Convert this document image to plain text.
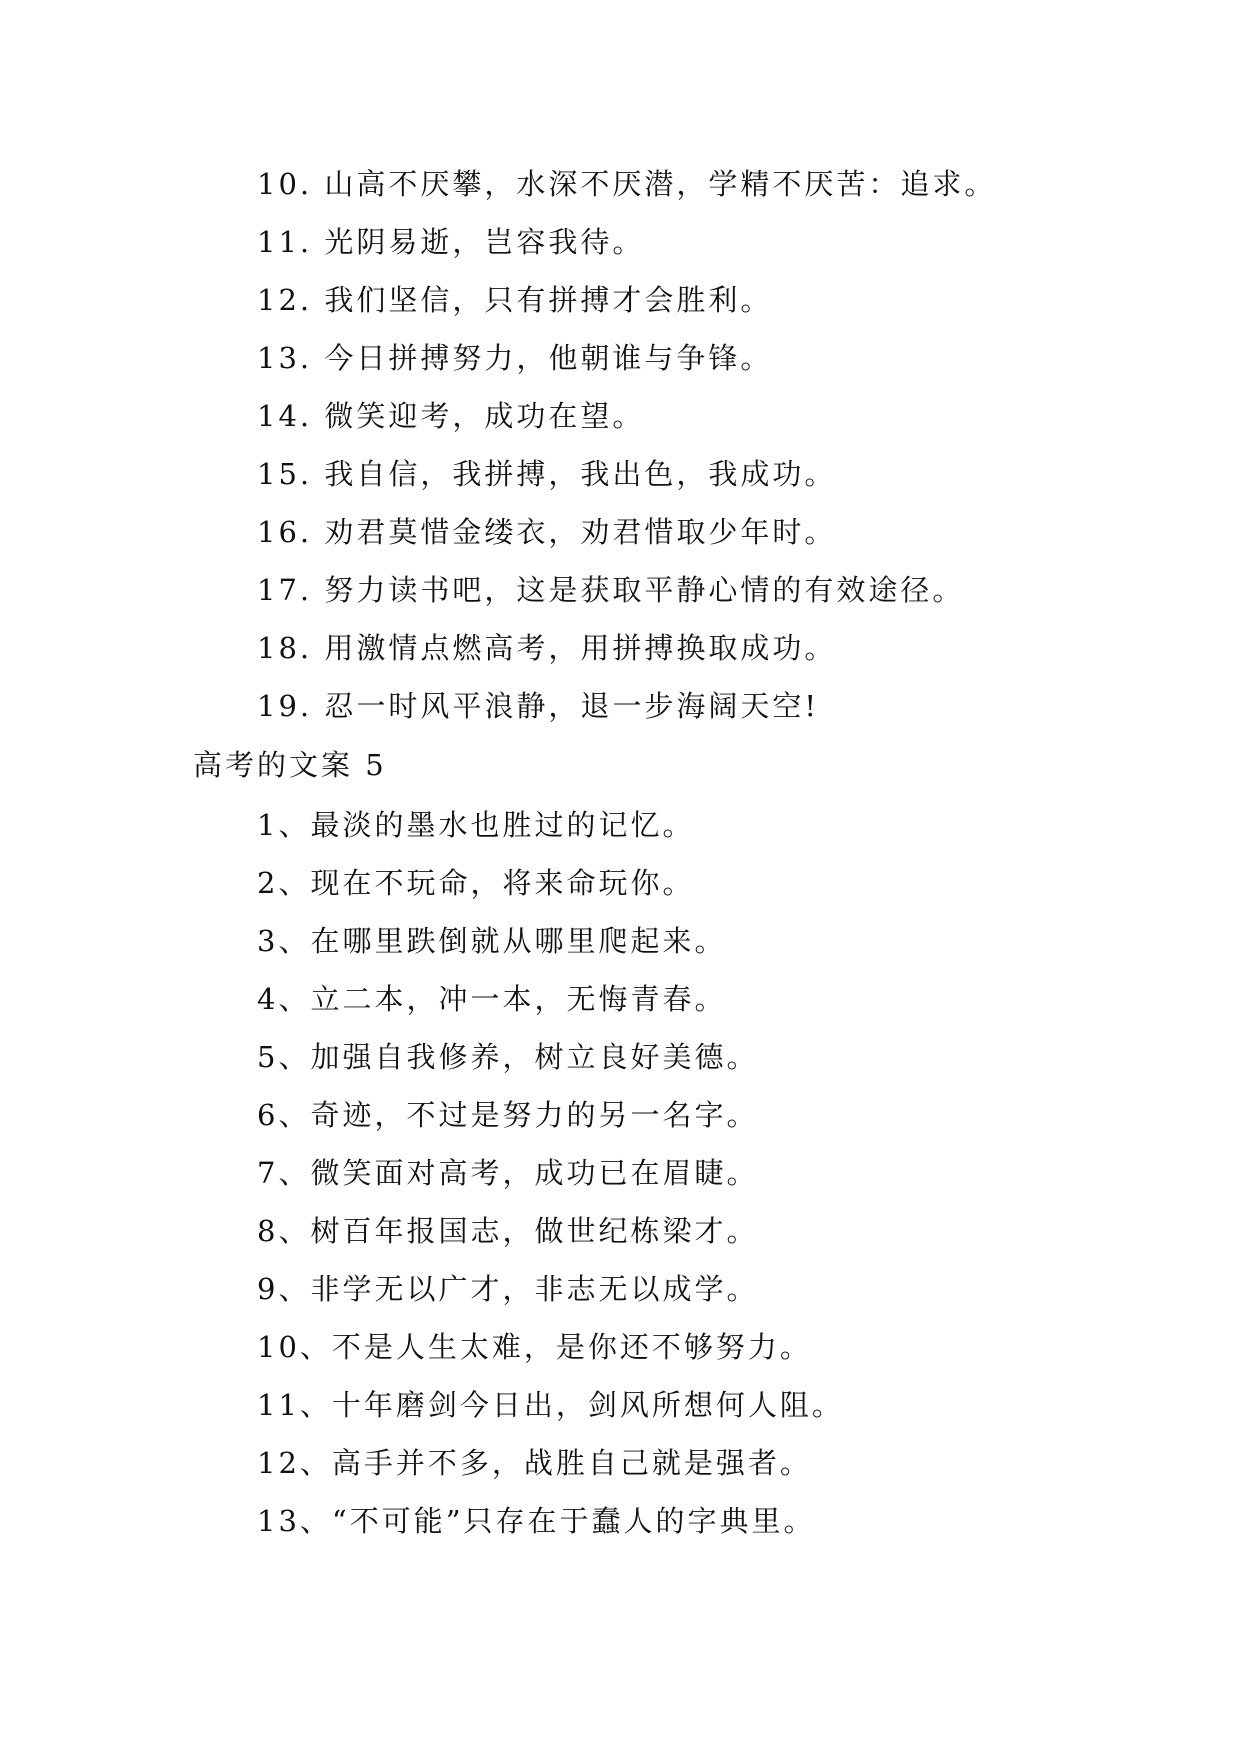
10. 山高不厌攀，水深不厌潜，学精不厌苦：追求。
11. 光阴易逝，岂容我待。
12. 我们坚信，只有拼搏才会胜利。
13. 今日拼搏努力，他朝谁与争锋。
14. 微笑迎考，成功在望。
15. 我自信，我拼搏，我出色，我成功。
16. 劝君莫惜金缕衣，劝君惜取少年时。
17. 努力读书吧，这是获取平静心情的有效途径。
18. 用激情点燃高考，用拼搏换取成功。
19. 忍一时风平浪静，退一步海阔天空!
高考的文案 5
1、最淡的墨水也胜过的记忆。
2、现在不玩命，将来命玩你。
3、在哪里跌倒就从哪里爬起来。
4、立二本，冲一本，无悔青春。
5、加强自我修养，树立良好美德。
6、奇迹，不过是努力的另一名字。
7、微笑面对高考，成功已在眉睫。
8、树百年报国志，做世纪栋梁才。
9、非学无以广才，非志无以成学。
10、不是人生太难，是你还不够努力。
11、十年磨剑今日出，剑风所想何人阻。
12、高手并不多，战胜自己就是强者。
13、“不可能”只存在于蠢人的字典里。
